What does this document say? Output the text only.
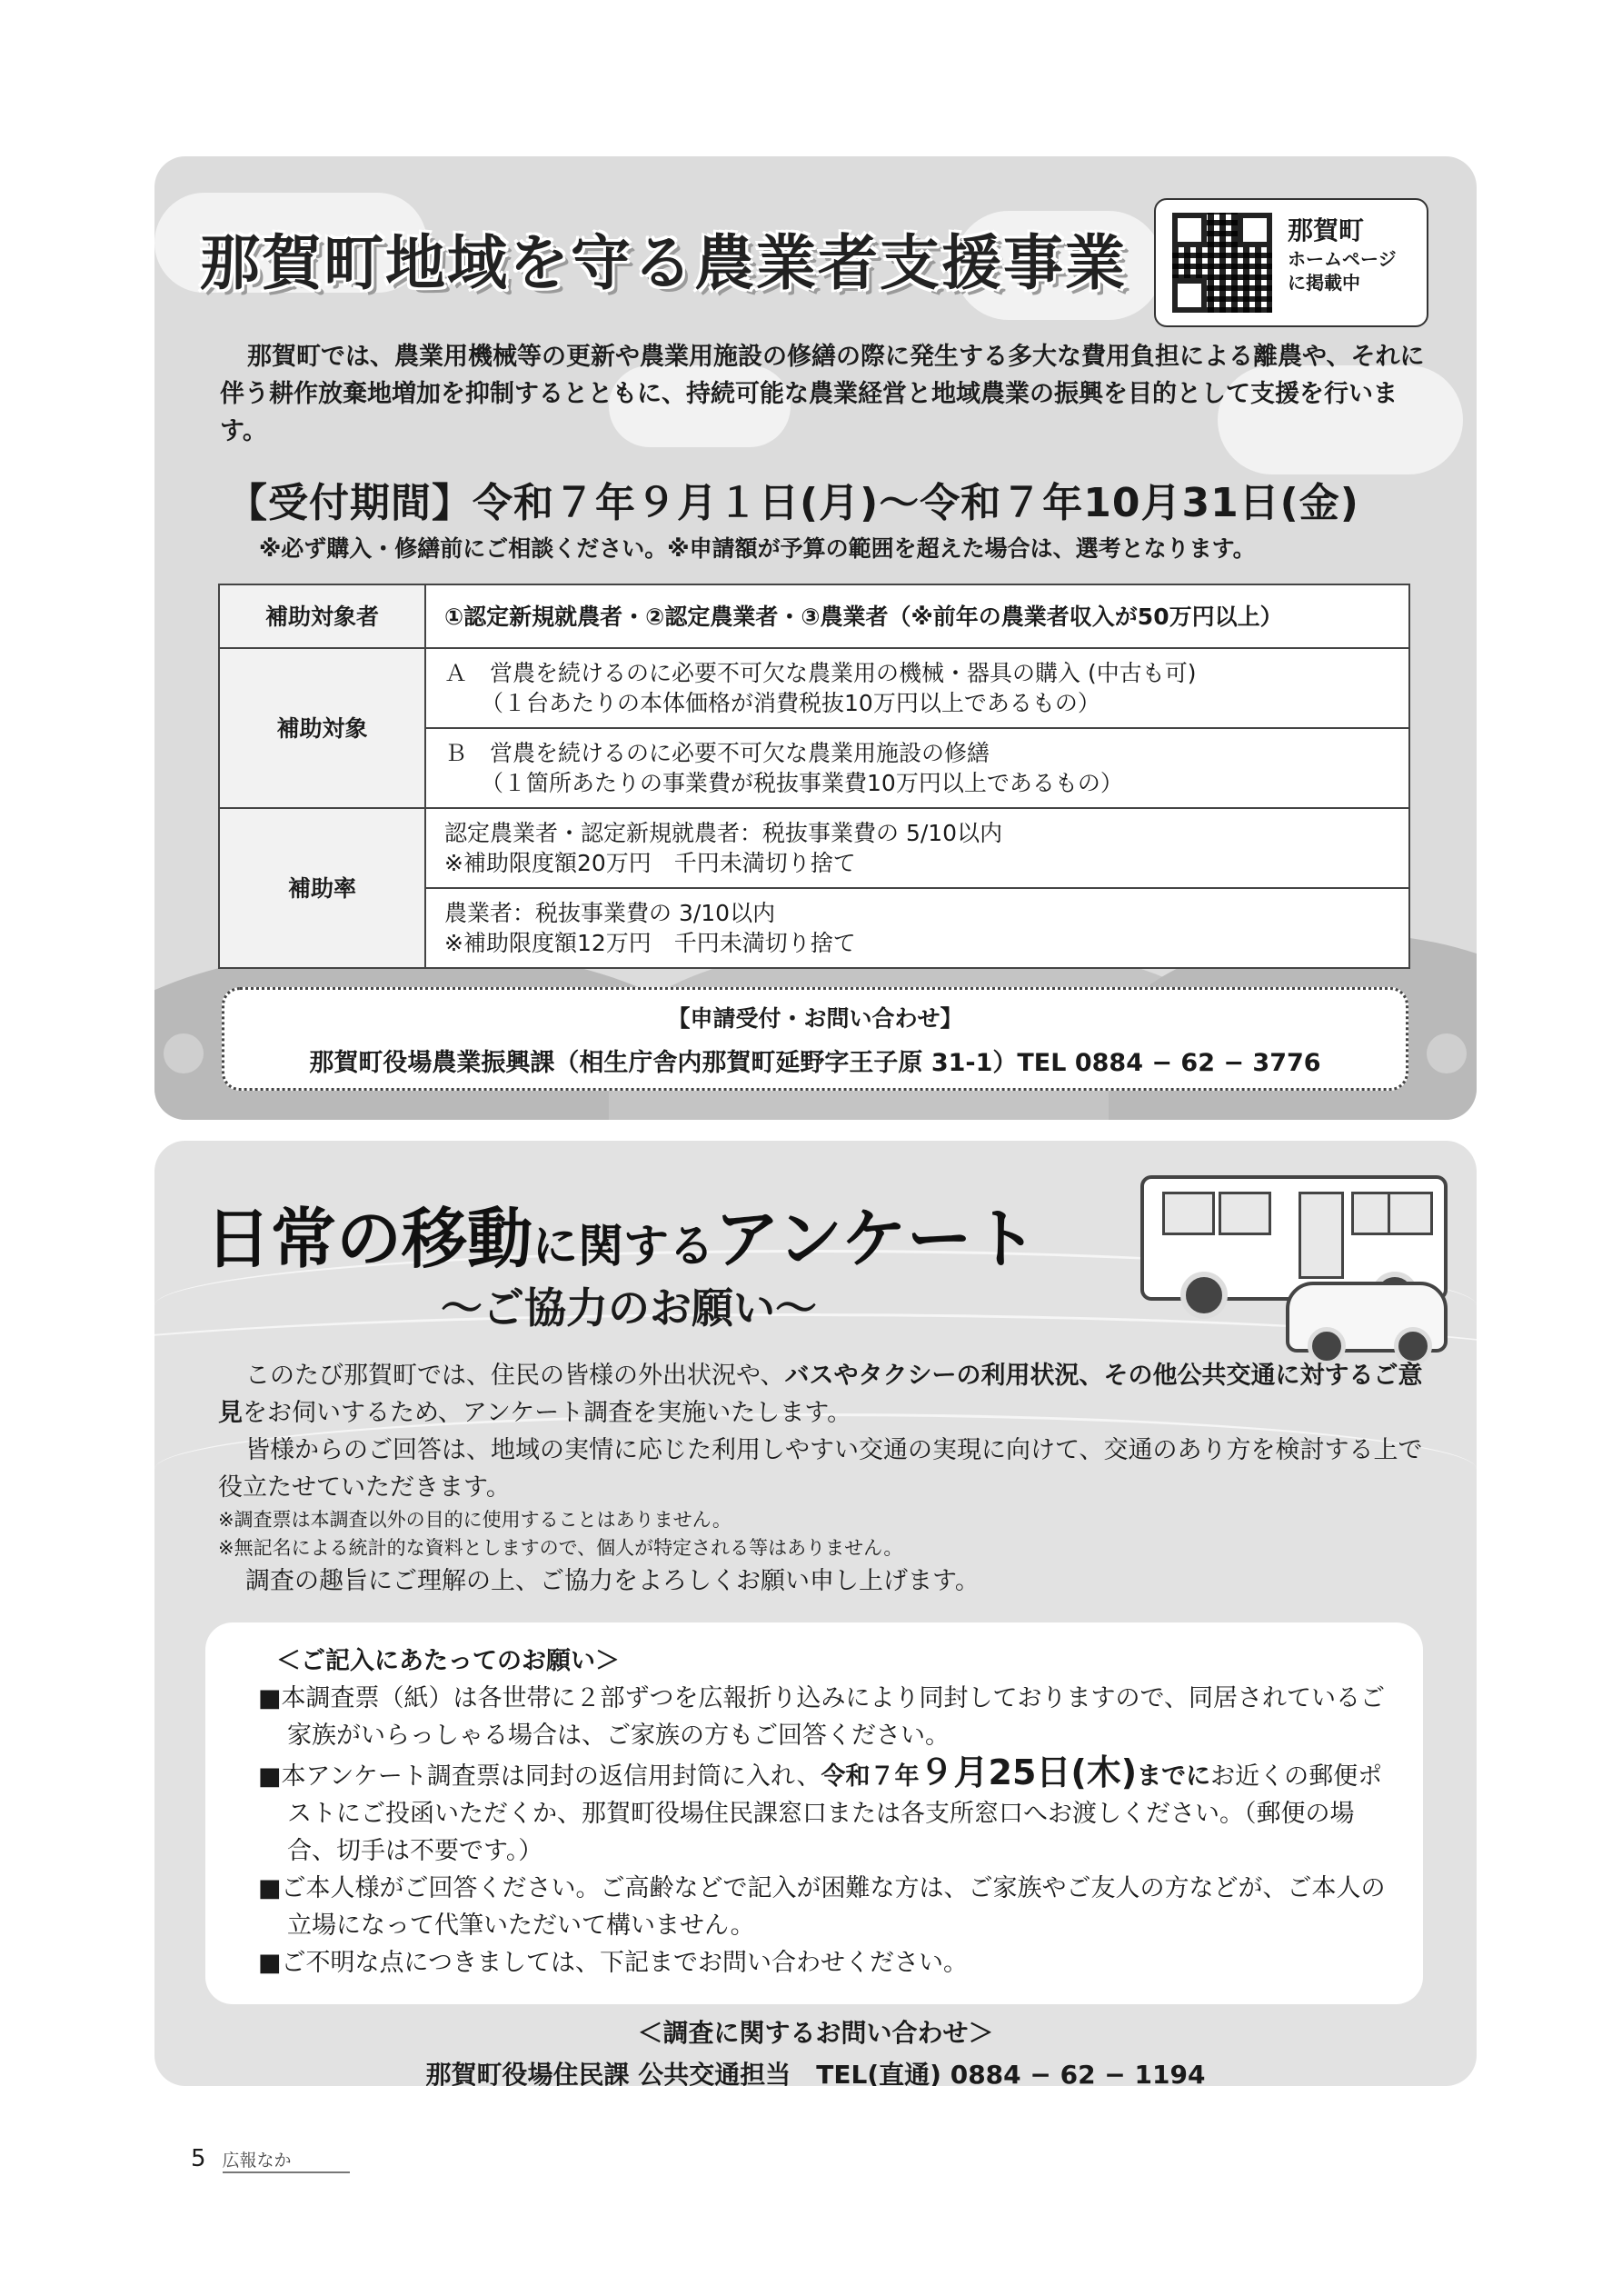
那賀町地域を守る農業者支援事業	那賀町
ホームページ
に掲載中
那賀町では、農業用機械等の更新や農業用施設の修繕の際に発生する多大な費用負担による離農や、それに伴う耕作放棄地増加を抑制するとともに、持続可能な農業経営と地域農業の振興を目的として支援を行います。
【受付期間】令和７年９月１日(月)〜令和７年10月31日(金)
※必ず購入・修繕前にご相談ください。※申請額が予算の範囲を超えた場合は、選考となります。
補助対象者	①認定新規就農者・②認定農業者・③農業者（※前年の農業者収入が50万円以上）
補助対象	Ａ　営農を続けるのに必要不可欠な農業用の機械・器具の購入 (中古も可)
（１台あたりの本体価格が消費税抜10万円以上であるもの）

	Ｂ　営農を続けるのに必要不可欠な農業用施設の修繕
（１箇所あたりの事業費が税抜事業費10万円以上であるもの）

補助率	認定農業者・認定新規就農者：税抜事業費の 5/10以内
※補助限度額20万円　千円未満切り捨て

	農業者：税抜事業費の 3/10以内
※補助限度額12万円　千円未満切り捨て
【申請受付・お問い合わせ】
那賀町役場農業振興課（相生庁舎内那賀町延野字王子原 31-1）TEL 0884 − 62 − 3776
日常の移動に関するアンケート
〜ご協力のお願い〜

このたび那賀町では、住民の皆様の外出状況や、バスやタクシーの利用状況、その他公共交通に対するご意見をお伺いするため、アンケート調査を実施いたします。

皆様からのご回答は、地域の実情に応じた利用しやすい交通の実現に向けて、交通のあり方を検討する上で役立たせていただきます。

※調査票は本調査以外の目的に使用することはありません。

※無記名による統計的な資料としますので、個人が特定される等はありません。

調査の趣旨にご理解の上、ご協力をよろしくお願い申し上げます。

＜ご記入にあたってのお願い＞
■本調査票（紙）は各世帯に２部ずつを広報折り込みにより同封しておりますので、同居されているご家族がいらっしゃる場合は、ご家族の方もご回答ください。
■本アンケート調査票は同封の返信用封筒に入れ、令和７年９月25日(木)までにお近くの郵便ポストにご投函いただくか、那賀町役場住民課窓口または各支所窓口へお渡しください。（郵便の場合、切手は不要です。）
■ご本人様がご回答ください。ご高齢などで記入が困難な方は、ご家族やご友人の方などが、ご本人の立場になって代筆いただいて構いません。
■ご不明な点につきましては、下記までお問い合わせください。
＜調査に関するお問い合わせ＞
那賀町役場住民課 公共交通担当　TEL(直通) 0884 − 62 − 1194
5 広報なか
